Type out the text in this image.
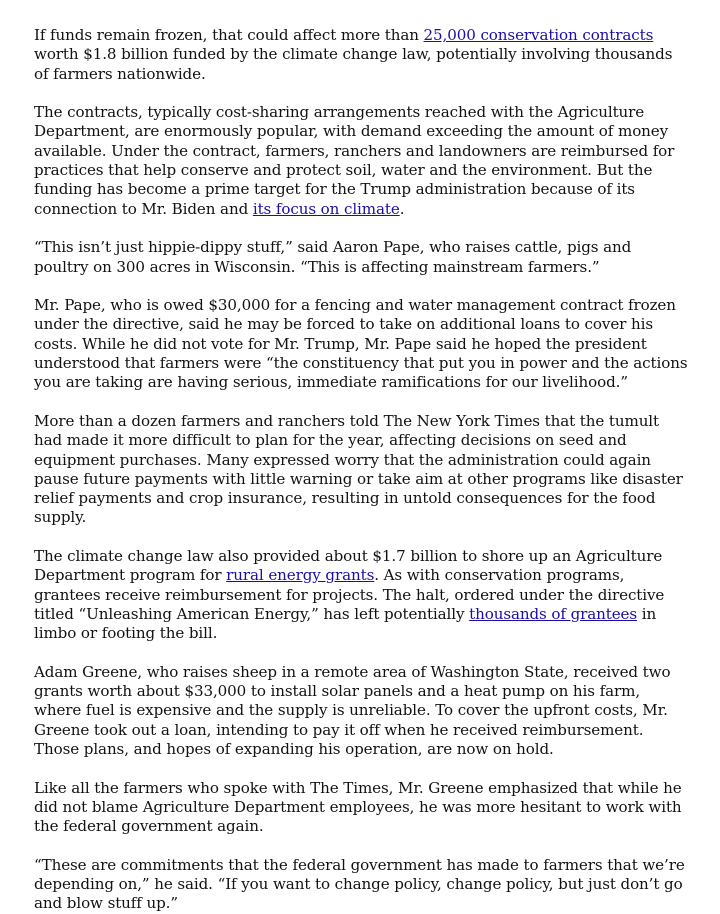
If funds remain frozen, that could affect more than 25,000 conservation contracts worth $1.8 billion funded by the climate change law, potentially involving thousands of farmers nationwide.

The contracts, typically cost-sharing arrangements reached with the Agriculture Department, are enormously popular, with demand exceeding the amount of money available. Under the contract, farmers, ranchers and landowners are reimbursed for practices that help conserve and protect soil, water and the environment. But the funding has become a prime target for the Trump administration because of its connection to Mr. Biden and its focus on climate.

“This isn’t just hippie-dippy stuff,” said Aaron Pape, who raises cattle, pigs and poultry on 300 acres in Wisconsin. “This is affecting mainstream farmers.”

Mr. Pape, who is owed $30,000 for a fencing and water management contract frozen under the directive, said he may be forced to take on additional loans to cover his costs. While he did not vote for Mr. Trump, Mr. Pape said he hoped the president understood that farmers were “the constituency that put you in power and the actions you are taking are having serious, immediate ramifications for our livelihood.”

More than a dozen farmers and ranchers told The New York Times that the tumult had made it more difficult to plan for the year, affecting decisions on seed and equipment purchases. Many expressed worry that the administration could again pause future payments with little warning or take aim at other programs like disaster relief payments and crop insurance, resulting in untold consequences for the food supply.

The climate change law also provided about $1.7 billion to shore up an Agriculture Department program for rural energy grants. As with conservation programs, grantees receive reimbursement for projects. The halt, ordered under the directive titled “Unleashing American Energy,” has left potentially thousands of grantees in limbo or footing the bill.

Adam Greene, who raises sheep in a remote area of Washington State, received two grants worth about $33,000 to install solar panels and a heat pump on his farm, where fuel is expensive and the supply is unreliable. To cover the upfront costs, Mr. Greene took out a loan, intending to pay it off when he received reimbursement. Those plans, and hopes of expanding his operation, are now on hold.

Like all the farmers who spoke with The Times, Mr. Greene emphasized that while he did not blame Agriculture Department employees, he was more hesitant to work with the federal government again.

“These are commitments that the federal government has made to farmers that we’re depending on,” he said. “If you want to change policy, change policy, but just don’t go and blow stuff up.”
